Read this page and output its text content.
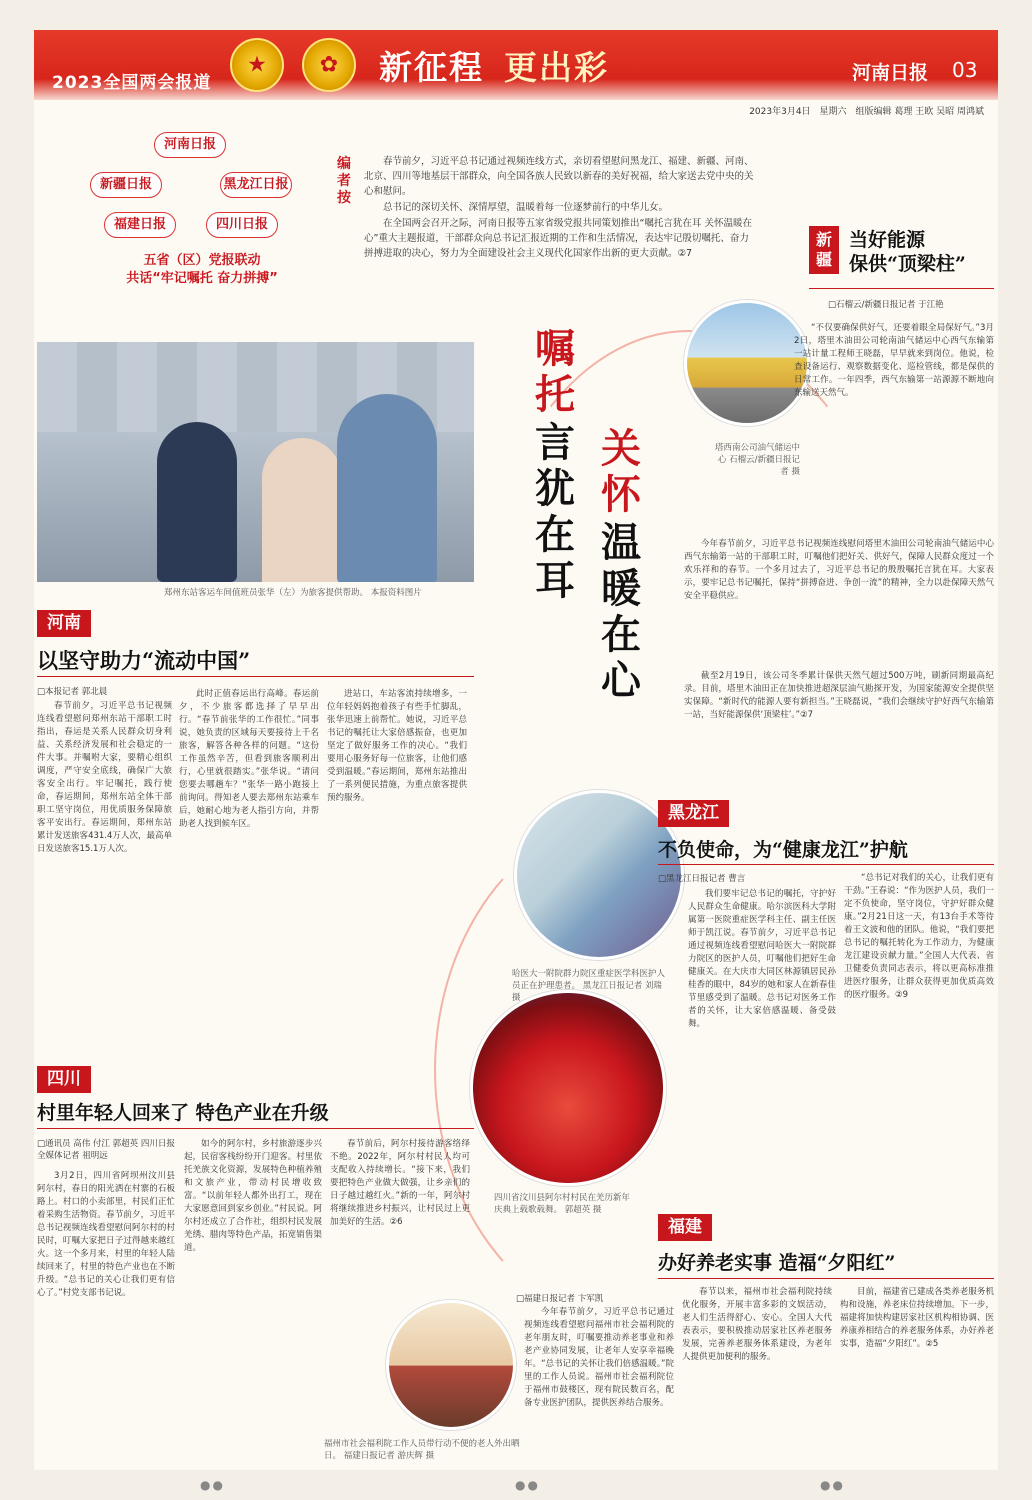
2023全国两会报道
★ ✿ 新征程 更出彩	河南日报 03
2023年3月4日　星期六　组版编辑 葛理 王欧 吴昭 周鸿斌
河南日报
新疆日报	黑龙江日报
福建日报	四川日报
五省（区）党报联动
共话“牢记嘱托 奋力拼搏”
编者按

春节前夕，习近平总书记通过视频连线方式，亲切看望慰问黑龙江、福建、新疆、河南、北京、四川等地基层干部群众，向全国各族人民致以新春的美好祝福，给大家送去党中央的关心和慰问。

总书记的深切关怀、深情厚望，温暖着每一位逐梦前行的中华儿女。

在全国两会召开之际，河南日报等五家省级党报共同策划推出“嘱托言犹在耳 关怀温暖在心”重大主题报道，干部群众向总书记汇报近期的工作和生活情况，表达牢记殷切嘱托、奋力拼搏进取的决心，努力为全面建设社会主义现代化国家作出新的更大贡献。②7

郑州东站客运车间值班员张华（左）为旅客提供帮助。 本报资料图片
嘱
托
言
犹
在
耳
关
怀
温
暖
在
心
新疆
当好能源
保供“顶梁柱”
□石榴云/新疆日报记者 于江艳
塔西南公司油气储运中心 石榴云/新疆日报记者 摄
“不仅要确保供好气，还要着眼全局保好气。”3月2日，塔里木油田公司轮南油气储运中心西气东输第一站计量工程师王晓磊，早早就来到岗位。他说，检查设备运行、观察数据变化、巡检管线，都是保供的日常工作。一年四季，西气东输第一站源源不断地向东输送天然气。
今年春节前夕，习近平总书记视频连线慰问塔里木油田公司轮南油气储运中心西气东输第一站的干部职工时，叮嘱他们把好关、供好气，保障人民群众度过一个欢乐祥和的春节。一个多月过去了，习近平总书记的殷殷嘱托言犹在耳。大家表示，要牢记总书记嘱托，保持“拼搏奋进、争创一流”的精神，全力以赴保障天然气安全平稳供应。
截至2月19日，该公司冬季累计保供天然气超过500万吨，刷新同期最高纪录。目前，塔里木油田正在加快推进超深层油气勘探开发，为国家能源安全提供坚实保障。“新时代的能源人要有新担当。”王晓磊说，“我们会继续守护好西气东输第一站，当好能源保供‘顶梁柱’。”②7
河南
以坚守助力“流动中国”
□本报记者 郭北晨
春节前夕，习近平总书记视频连线看望慰问郑州东站干部职工时指出，春运是关系人民群众切身利益、关系经济发展和社会稳定的一件大事。并嘱咐大家，要精心组织调度，严守安全底线，确保广大旅客安全出行。牢记嘱托，践行使命，春运期间，郑州东站全体干部职工坚守岗位，用优质服务保障旅客平安出行。春运期间，郑州东站累计发送旅客431.4万人次，最高单日发送旅客15.1万人次。
此时正值春运出行高峰。春运前夕，不少旅客都选择了早早出行。“春节前张华的工作很忙。”同事说，她负责的区域每天要接待上千名旅客，解答各种各样的问题。“这份工作虽然辛苦，但看到旅客顺利出行，心里就很踏实。”张华说。“请问您要去哪趟车？”张华一路小跑接上前询问。得知老人要去郑州东站乘车后，她耐心地为老人指引方向，并帮助老人找到候车区。
进站口，车站客流持续增多，一位年轻妈妈抱着孩子有些手忙脚乱，张华迅速上前帮忙。她说，习近平总书记的嘱托让大家倍感振奋，也更加坚定了做好服务工作的决心。“我们要用心服务好每一位旅客，让他们感受到温暖。”春运期间，郑州东站推出了一系列便民措施，为重点旅客提供预约服务。
哈医大一附院群力院区重症医学科医护人员正在护理患者。 黑龙江日报记者 刘瑞
黑龙江
不负使命，为“健康龙江”护航
□黑龙江日报记者 曹言
我们要牢记总书记的嘱托，守护好人民群众生命健康。哈尔滨医科大学附属第一医院重症医学科主任、副主任医师于凯江说。春节前夕，习近平总书记通过视频连线看望慰问哈医大一附院群力院区的医护人员，叮嘱他们把好生命健康关。在大庆市大同区林源镇居民孙桂香的眼中，84岁的她和家人在新春佳节里感受到了温暖。总书记对医务工作者的关怀，让大家倍感温暖、备受鼓舞。
“总书记对我们的关心，让我们更有干劲。”王春说：“作为医护人员，我们一定不负使命，坚守岗位，守护好群众健康。”2月21日这一天，有13台手术等待着王文波和他的团队。他说，“我们要把总书记的嘱托转化为工作动力，为健康龙江建设贡献力量。”全国人大代表、省卫健委负责同志表示，将以更高标准推进医疗服务，让群众获得更加优质高效的医疗服务。②9
四川
村里年轻人回来了 特色产业在升级
□通讯员 高伟 付江 郭超英 四川日报全媒体记者 祖明远
3月2日，四川省阿坝州汶川县阿尔村，春日的阳光洒在村寨的石板路上。村口的小卖部里，村民们正忙着采购生活物资。春节前夕，习近平总书记视频连线看望慰问阿尔村的村民时，叮嘱大家把日子过得越来越红火。这一个多月来，村里的年轻人陆续回来了，村里的特色产业也在不断升级。“总书记的关心让我们更有信心了。”村党支部书记说。
如今的阿尔村，乡村旅游逐步兴起，民宿客栈纷纷开门迎客。村里依托羌族文化资源，发展特色种植养殖和文旅产业，带动村民增收致富。“以前年轻人都外出打工，现在大家愿意回到家乡创业。”村民说。阿尔村还成立了合作社，组织村民发展羌绣、腊肉等特色产品，拓宽销售渠道。
春节前后，阿尔村接待游客络绎不绝。2022年，阿尔村村民人均可支配收入持续增长。“接下来，我们要把特色产业做大做强，让乡亲们的日子越过越红火。”新的一年，阿尔村将继续推进乡村振兴，让村民过上更加美好的生活。②6
四川省汶川县阿尔村村民在羌历新年庆典上载歌载舞。 郭超英 摄
福州市社会福利院工作人员带行动不便的老人外出晒日。 福建日报记者 游庆辉 摄
福建
办好养老实事 造福“夕阳红”
□福建日报记者 卞军凯
今年春节前夕，习近平总书记通过视频连线看望慰问福州市社会福利院的老年朋友时，叮嘱要推动养老事业和养老产业协同发展，让老年人安享幸福晚年。“总书记的关怀让我们倍感温暖。”院里的工作人员说。福州市社会福利院位于福州市鼓楼区，现有院民数百名，配备专业医护团队，提供医养结合服务。
春节以来，福州市社会福利院持续优化服务，开展丰富多彩的文娱活动，老人们生活得舒心、安心。全国人大代表表示，要积极推动居家社区养老服务发展，完善养老服务体系建设，为老年人提供更加便利的服务。
目前，福建省已建成各类养老服务机构和设施，养老床位持续增加。下一步，福建将加快构建居家社区机构相协调、医养康养相结合的养老服务体系，办好养老实事，造福“夕阳红”。②5
●●	●●	●●
